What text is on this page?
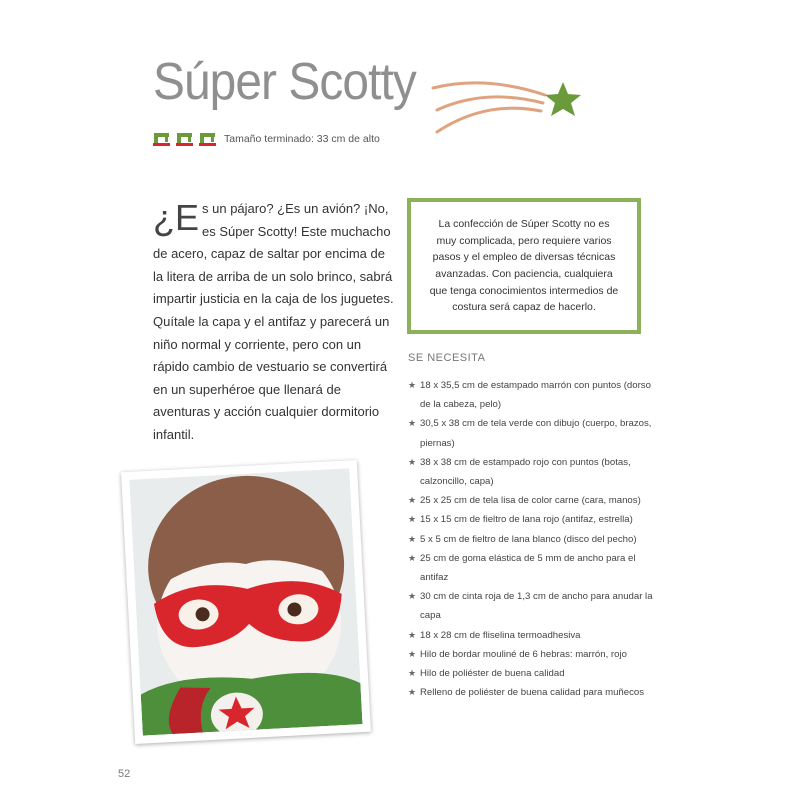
Súper Scotty
Tamaño terminado: 33 cm de alto

¿E s un pájaro? ¿Es un avión? ¡No, es Súper Scotty! Este muchacho de acero, capaz de saltar por encima de la litera de arriba de un solo brinco, sabrá impartir justicia en la caja de los juguetes. Quítale la capa y el antifaz y parecerá un niño normal y corriente, pero con un rápido cambio de vestuario se convertirá en un superhéroe que llenará de aventuras y acción cualquier dormitorio infantil.

La confección de Súper Scotty no es muy complicada, pero requiere varios pasos y el empleo de diversas técnicas avanzadas. Con paciencia, cualquiera que tenga conocimientos intermedios de costura será capaz de hacerlo.

SE NECESITA
★ 18 x 35,5 cm de estampado marrón con puntos (dorso de la cabeza, pelo)
★ 30,5 x 38 cm de tela verde con dibujo (cuerpo, brazos, piernas)
★ 38 x 38 cm de estampado rojo con puntos (botas, calzoncillo, capa)
★ 25 x 25 cm de tela lisa de color carne (cara, manos)
★ 15 x 15 cm de fieltro de lana rojo (antifaz, estrella)
★ 5 x 5 cm de fieltro de lana blanco (disco del pecho)
★ 25 cm de goma elástica de 5 mm de ancho para el antifaz
★ 30 cm de cinta roja de 1,3 cm de ancho para anudar la capa
★ 18 x 28 cm de fliselina termoadhesiva
★ Hilo de bordar mouliné de 6 hebras: marrón, rojo
★ Hilo de poliéster de buena calidad
★ Relleno de poliéster de buena calidad para muñecos
52
